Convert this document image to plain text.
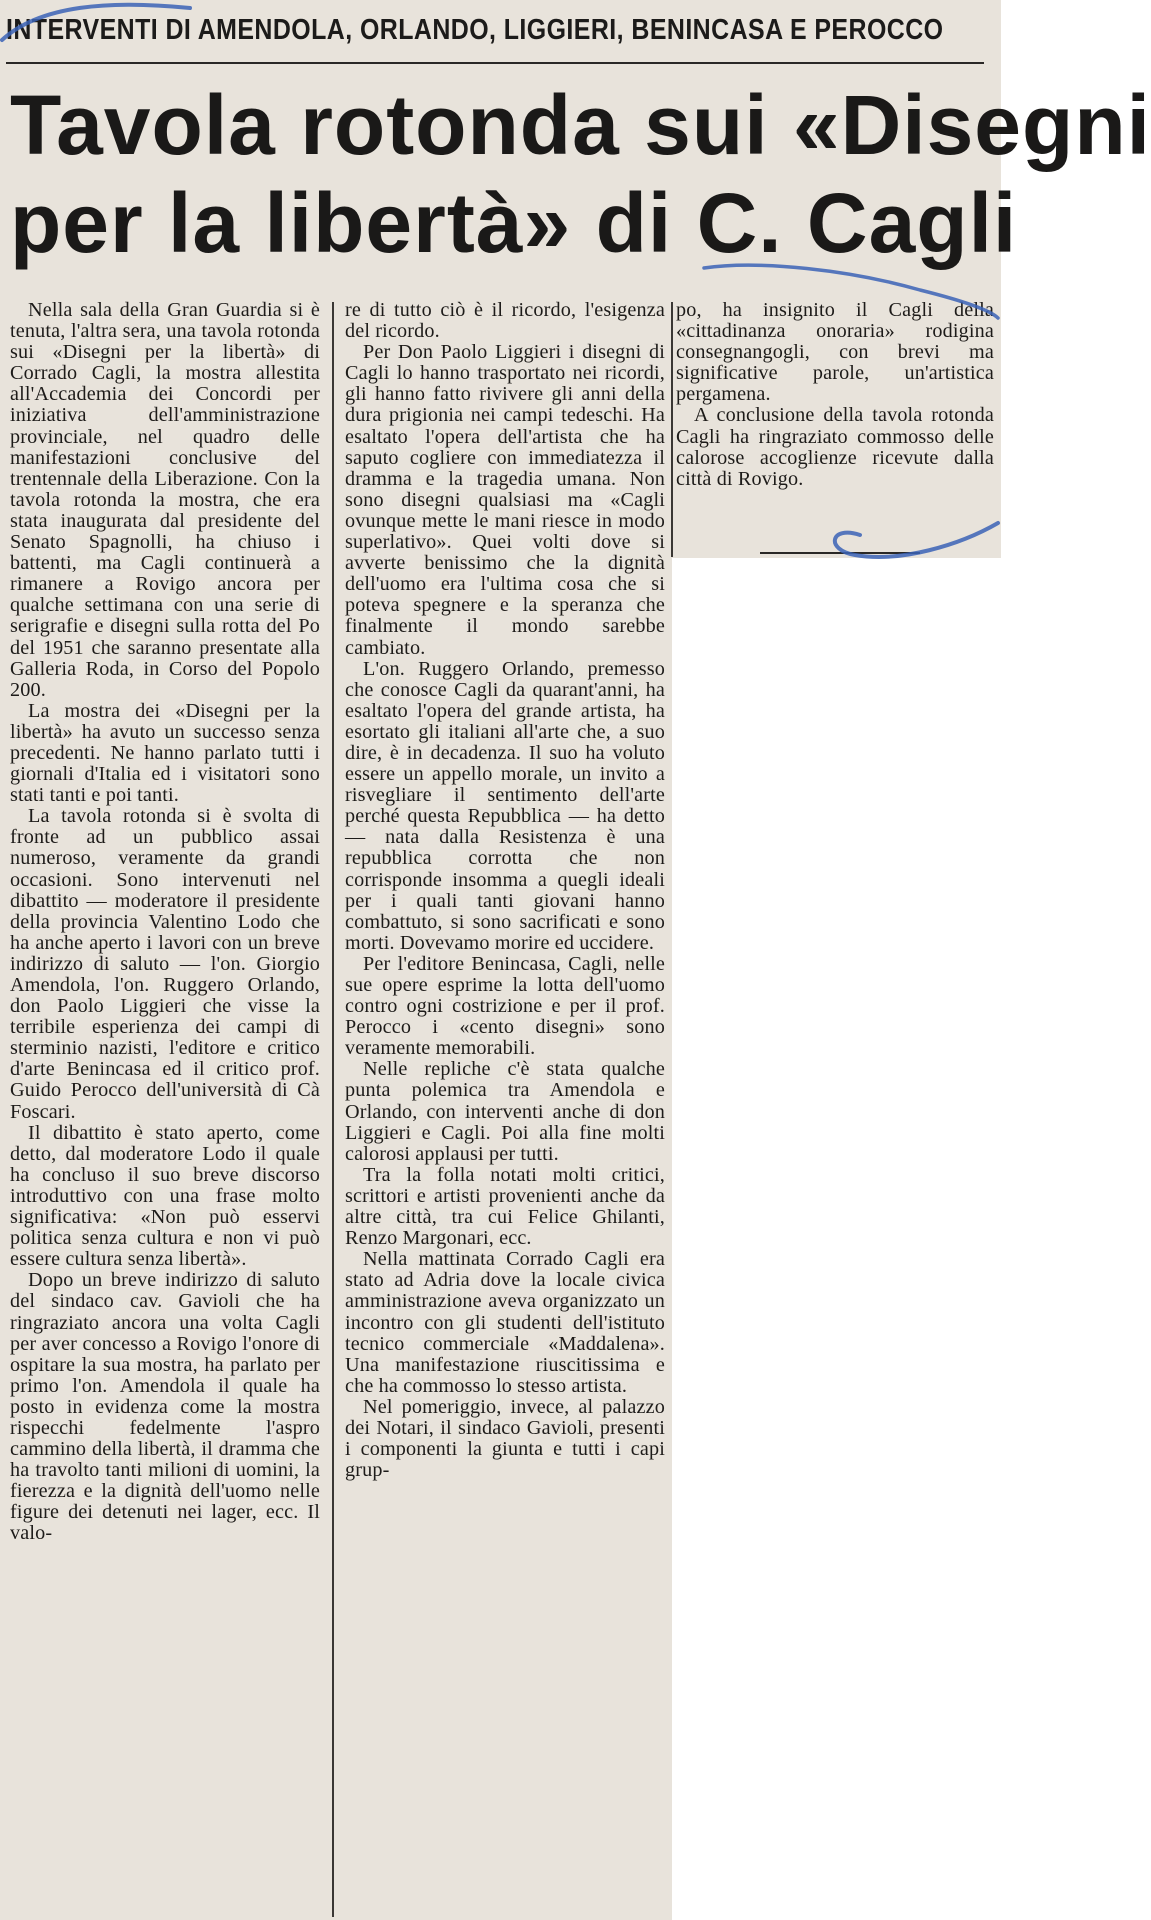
INTERVENTI DI AMENDOLA, ORLANDO, LIGGIERI, BENINCASA E PEROCCO
Tavola rotonda sui «Disegni
per la libertà» di C. Cagli

Nella sala della Gran Guardia si è tenuta, l'altra sera, una tavola rotonda sui «Disegni per la libertà» di Corrado Cagli, la mostra allestita all'Accademia dei Concordi per iniziativa dell'amministrazione provinciale, nel quadro delle manifestazioni conclusive del trentennale della Liberazione. Con la tavola rotonda la mostra, che era stata inaugurata dal presidente del Senato Spagnolli, ha chiuso i battenti, ma Cagli continuerà a rimanere a Rovigo ancora per qualche settimana con una serie di serigrafie e disegni sulla rotta del Po del 1951 che saranno presentate alla Galleria Roda, in Corso del Popolo 200.

La mostra dei «Disegni per la libertà» ha avuto un successo senza precedenti. Ne hanno parlato tutti i giornali d'Italia ed i visitatori sono stati tanti e poi tanti.

La tavola rotonda si è svolta di fronte ad un pubblico assai numeroso, veramente da grandi occasioni. Sono intervenuti nel dibattito — moderatore il presidente della provincia Valentino Lodo che ha anche aperto i lavori con un breve indirizzo di saluto — l'on. Giorgio Amendola, l'on. Ruggero Orlando, don Paolo Liggieri che visse la terribile esperienza dei campi di sterminio nazisti, l'editore e critico d'arte Benincasa ed il critico prof. Guido Perocco dell'università di Cà Foscari.

Il dibattito è stato aperto, come detto, dal moderatore Lodo il quale ha concluso il suo breve discorso introduttivo con una frase molto significativa: «Non può esservi politica senza cultura e non vi può essere cultura senza libertà».

Dopo un breve indirizzo di saluto del sindaco cav. Gavioli che ha ringraziato ancora una volta Cagli per aver concesso a Rovigo l'onore di ospitare la sua mostra, ha parlato per primo l'on. Amendola il quale ha posto in evidenza come la mostra rispecchi fedelmente l'aspro cammino della libertà, il dramma che ha travolto tanti milioni di uomini, la fierezza e la dignità dell'uomo nelle figure dei detenuti nei lager, ecc. Il valo-

re di tutto ciò è il ricordo, l'esigenza del ricordo.

Per Don Paolo Liggieri i disegni di Cagli lo hanno trasportato nei ricordi, gli hanno fatto rivivere gli anni della dura prigionia nei campi tedeschi. Ha esaltato l'opera dell'artista che ha saputo cogliere con immediatezza il dramma e la tragedia umana. Non sono disegni qualsiasi ma «Cagli ovunque mette le mani riesce in modo superlativo». Quei volti dove si avverte benissimo che la dignità dell'uomo era l'ultima cosa che si poteva spegnere e la speranza che finalmente il mondo sarebbe cambiato.

L'on. Ruggero Orlando, premesso che conosce Cagli da quarant'anni, ha esaltato l'opera del grande artista, ha esortato gli italiani all'arte che, a suo dire, è in decadenza. Il suo ha voluto essere un appello morale, un invito a risvegliare il sentimento dell'arte perché questa Repubblica — ha detto — nata dalla Resistenza è una repubblica corrotta che non corrisponde insomma a quegli ideali per i quali tanti giovani hanno combattuto, si sono sacrificati e sono morti. Dovevamo morire ed uccidere.

Per l'editore Benincasa, Cagli, nelle sue opere esprime la lotta dell'uomo contro ogni costrizione e per il prof. Perocco i «cento disegni» sono veramente memorabili.

Nelle repliche c'è stata qualche punta polemica tra Amendola e Orlando, con interventi anche di don Liggieri e Cagli. Poi alla fine molti calorosi applausi per tutti.

Tra la folla notati molti critici, scrittori e artisti provenienti anche da altre città, tra cui Felice Ghilanti, Renzo Margonari, ecc.

Nella mattinata Corrado Cagli era stato ad Adria dove la locale civica amministrazione aveva organizzato un incontro con gli studenti dell'istituto tecnico commerciale «Maddalena». Una manifestazione riuscitissima e che ha commosso lo stesso artista.

Nel pomeriggio, invece, al palazzo dei Notari, il sindaco Gavioli, presenti i componenti la giunta e tutti i capi grup-

po, ha insignito il Cagli della «cittadinanza onoraria» rodigina consegnangogli, con brevi ma significative parole, un'artistica pergamena.

A conclusione della tavola rotonda Cagli ha ringraziato commosso delle calorose accoglienze ricevute dalla città di Rovigo.
